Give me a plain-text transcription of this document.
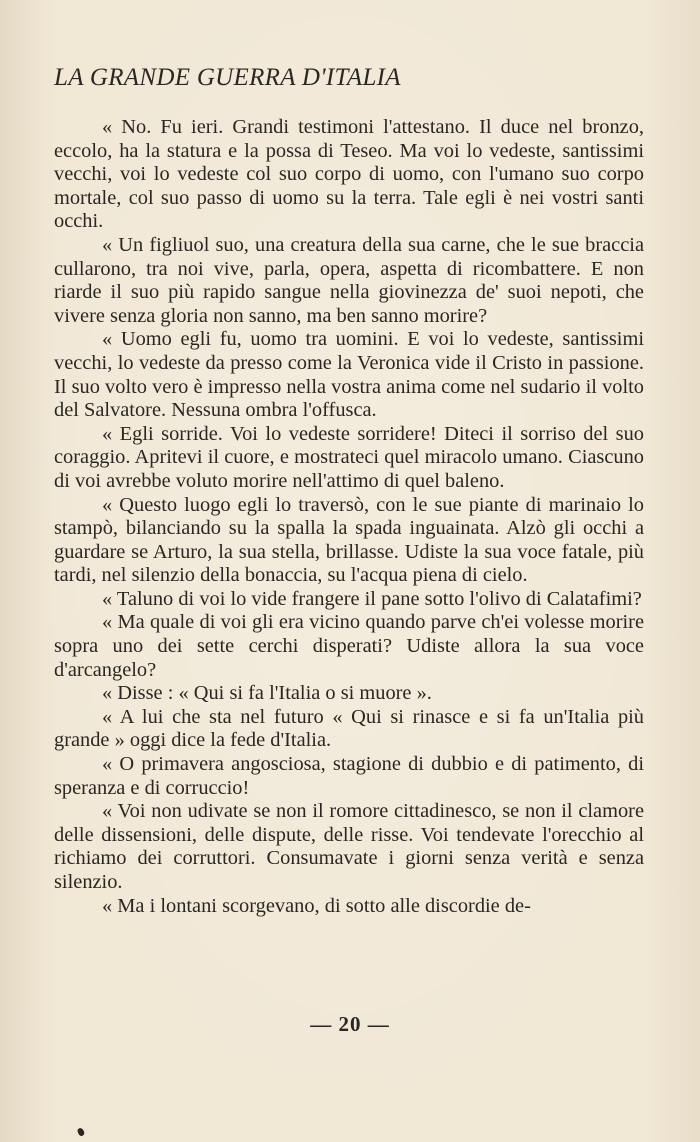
LA GRANDE GUERRA D'ITALIA

« No. Fu ieri. Grandi testimoni l'attestano. Il duce nel bronzo, eccolo, ha la statura e la possa di Teseo. Ma voi lo vedeste, santissimi vecchi, voi lo vedeste col suo corpo di uomo, con l'umano suo corpo mortale, col suo passo di uomo su la terra. Tale egli è nei vostri santi occhi.

« Un figliuol suo, una creatura della sua carne, che le sue braccia cullarono, tra noi vive, parla, opera, aspetta di ricombattere. E non riarde il suo più rapido sangue nella giovinezza de' suoi nepoti, che vivere senza gloria non sanno, ma ben sanno morire?

« Uomo egli fu, uomo tra uomini. E voi lo vedeste, santissimi vecchi, lo vedeste da presso come la Veronica vide il Cristo in passione. Il suo volto vero è impresso nella vostra anima come nel sudario il volto del Salvatore. Nessuna ombra l'offusca.

« Egli sorride. Voi lo vedeste sorridere! Diteci il sorriso del suo coraggio. Apritevi il cuore, e mostrateci quel miracolo umano. Ciascuno di voi avrebbe voluto morire nell'attimo di quel baleno.

« Questo luogo egli lo traversò, con le sue piante di marinaio lo stampò, bilanciando su la spalla la spada inguainata. Alzò gli occhi a guardare se Arturo, la sua stella, brillasse. Udiste la sua voce fatale, più tardi, nel silenzio della bonaccia, su l'acqua piena di cielo.

« Taluno di voi lo vide frangere il pane sotto l'olivo di Calatafimi?

« Ma quale di voi gli era vicino quando parve ch'ei volesse morire sopra uno dei sette cerchi disperati? Udiste allora la sua voce d'arcangelo?

« Disse : « Qui si fa l'Italia o si muore ».

« A lui che sta nel futuro « Qui si rinasce e si fa un'Italia più grande » oggi dice la fede d'Italia.

« O primavera angosciosa, stagione di dubbio e di patimento, di speranza e di corruccio!

« Voi non udivate se non il romore cittadinesco, se non il clamore delle dissensioni, delle dispute, delle risse. Voi tendevate l'orecchio al richiamo dei corruttori. Consumavate i giorni senza verità e senza silenzio.

« Ma i lontani scorgevano, di sotto alle discordie de-

— 20 —
